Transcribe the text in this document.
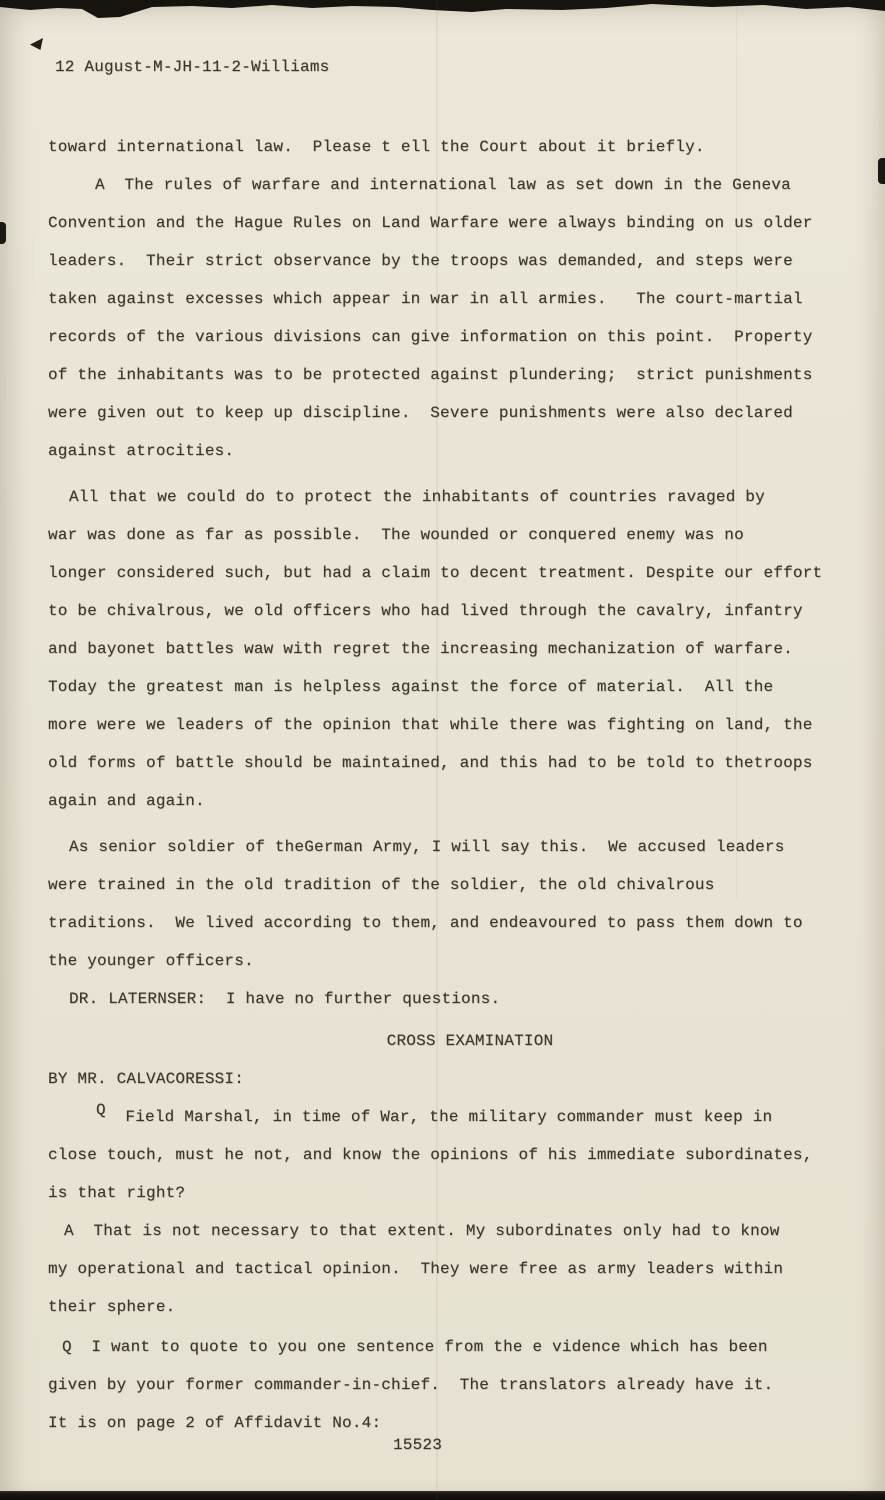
12 August-M-JH-11-2-Williams
toward international law.  Please t ell the Court about it briefly.
A  The rules of warfare and international law as set down in the Geneva
Convention and the Hague Rules on Land Warfare were always binding on us older
leaders.  Their strict observance by the troops was demanded, and steps were
taken against excesses which appear in war in all armies.   The court-martial
records of the various divisions can give information on this point.  Property
of the inhabitants was to be protected against plundering;  strict punishments
were given out to keep up discipline.  Severe punishments were also declared
against atrocities.
All that we could do to protect the inhabitants of countries ravaged by
war was done as far as possible.  The wounded or conquered enemy was no
longer considered such, but had a claim to decent treatment. Despite our effort
to be chivalrous, we old officers who had lived through the cavalry, infantry
and bayonet battles waw with regret the increasing mechanization of warfare.
Today the greatest man is helpless against the force of material.  All the
more were we leaders of the opinion that while there was fighting on land, the
old forms of battle should be maintained, and this had to be told to thetroops
again and again.
As senior soldier of theGerman Army, I will say this.  We accused leaders
were trained in the old tradition of the soldier, the old chivalrous
traditions.  We lived according to them, and endeavoured to pass them down to
the younger officers.
DR. LATERNSER:  I have no further questions.
CROSS EXAMINATION
BY MR. CALVACORESSI:
Q  Field Marshal, in time of War, the military commander must keep in
close touch, must he not, and know the opinions of his immediate subordinates,
is that right?
A  That is not necessary to that extent. My subordinates only had to know
my operational and tactical opinion.  They were free as army leaders within
their sphere.
Q  I want to quote to you one sentence from the e vidence which has been
given by your former commander-in-chief.  The translators already have it.
It is on page 2 of Affidavit No.4:
15523
